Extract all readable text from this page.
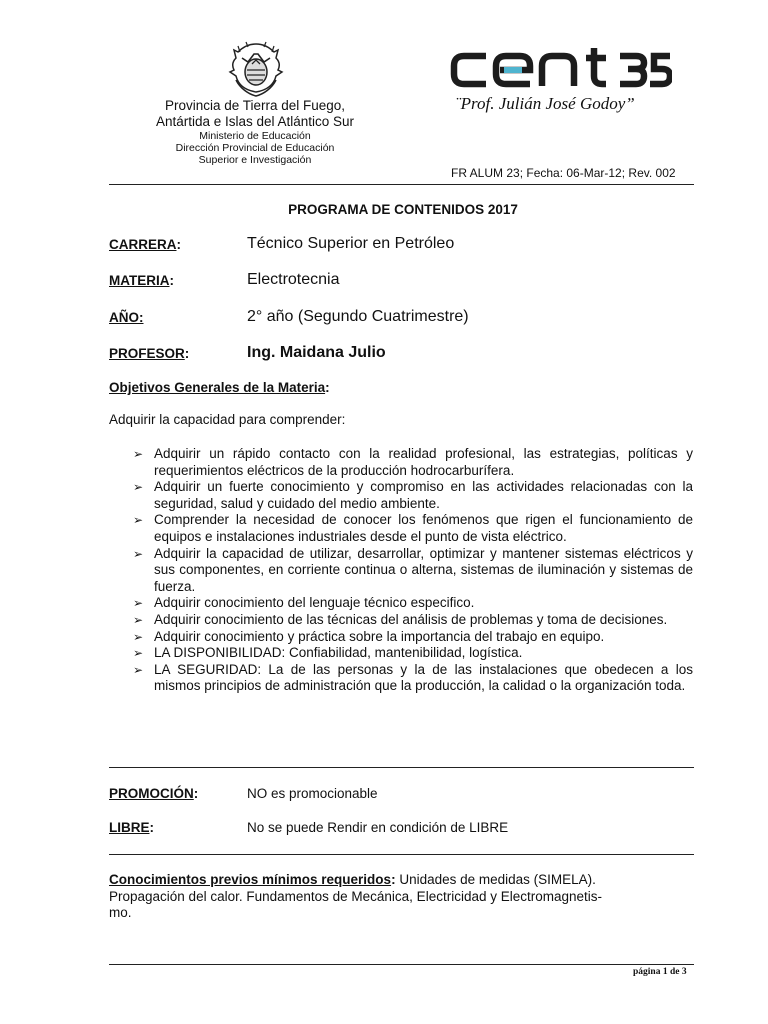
Provincia de Tierra del Fuego,
Antártida e Islas del Atlántico Sur
Ministerio de Educación
Dirección Provincial de Educación
Superior e Investigación
¨Prof. Julián José Godoy”
FR ALUM 23; Fecha: 06-Mar-12; Rev. 002
PROGRAMA DE CONTENIDOS 2017
CARRERA:	Técnico Superior en Petróleo
MATERIA:	Electrotecnia
AÑO:	2° año (Segundo Cuatrimestre)
PROFESOR:	Ing. Maidana Julio
Objetivos Generales de la Materia:
Adquirir la capacidad para comprender:
➢ Adquirir un rápido contacto con la realidad profesional, las estrategias, políticas y requerimientos eléctricos de la producción hodrocarburífera.
➢ Adquirir un fuerte conocimiento y compromiso en las actividades relacionadas con la seguridad, salud y cuidado del medio ambiente.
➢ Comprender la necesidad de conocer los fenómenos que rigen el funcionamiento de equipos e instalaciones industriales desde el punto de vista eléctrico.
➢ Adquirir la capacidad de utilizar, desarrollar, optimizar y mantener sistemas eléctricos y sus componentes, en corriente continua o alterna, sistemas de iluminación y sistemas de fuerza.
➢ Adquirir conocimiento del lenguaje técnico especifico.
➢ Adquirir conocimiento de las técnicas del análisis de problemas y toma de decisiones.
➢ Adquirir conocimiento y práctica sobre la importancia del trabajo en equipo.
➢ LA DISPONIBILIDAD: Confiabilidad, mantenibilidad, logística.
➢ LA SEGURIDAD: La de las personas y la de las instalaciones que obedecen a los mismos principios de administración que la producción, la calidad o la organización toda.
PROMOCIÓN:	NO es promocionable
LIBRE:	No se puede Rendir en condición de LIBRE
Conocimientos previos mínimos requeridos: Unidades de medidas (SIMELA).
Propagación del calor. Fundamentos de Mecánica, Electricidad y Electromagnetis-
mo.
página 1 de 3
